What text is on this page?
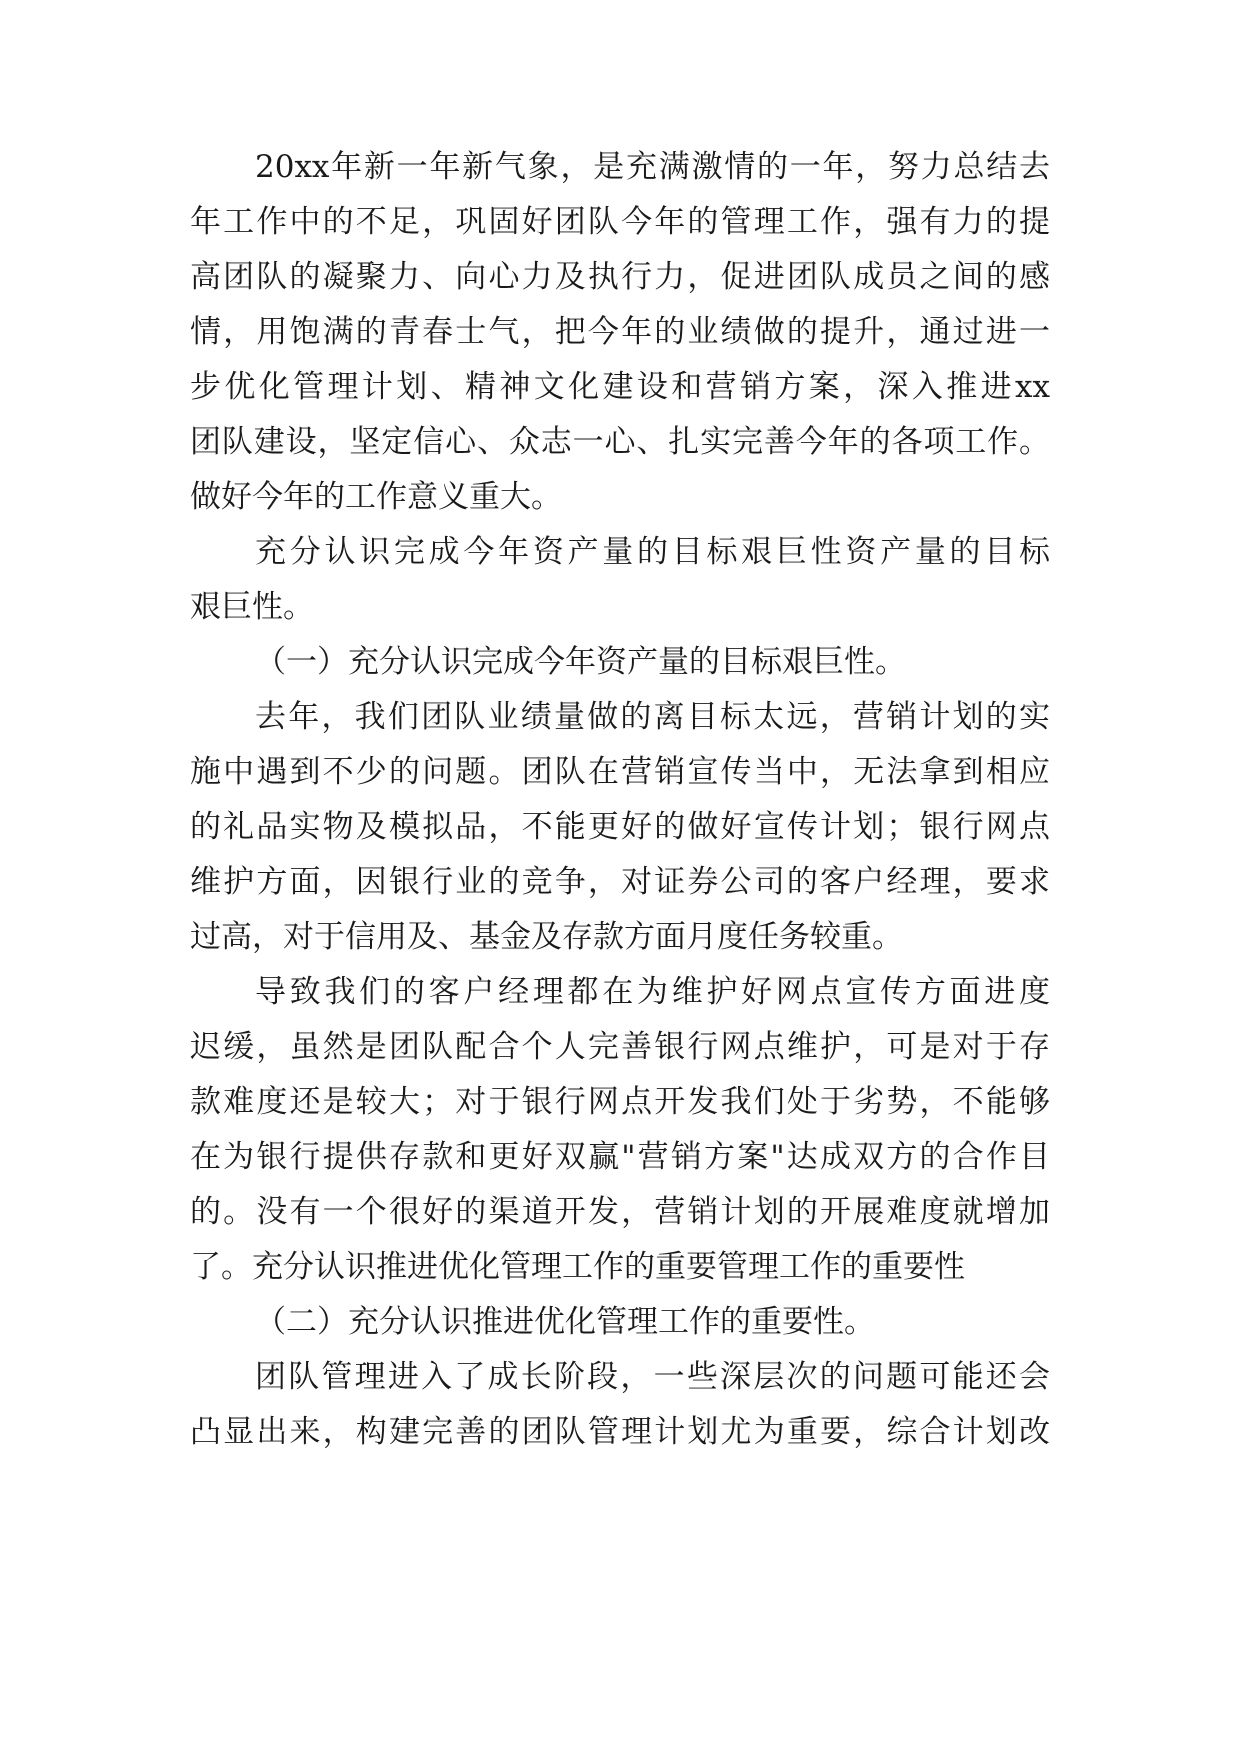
20xx年新一年新气象，是充满激情的一年，努力总结去
年工作中的不足，巩固好团队今年的管理工作，强有力的提
高团队的凝聚力、向心力及执行力，促进团队成员之间的感
情，用饱满的青春士气，把今年的业绩做的提升，通过进一
步优化管理计划、精神文化建设和营销方案，深入推进xx
团队建设，坚定信心、众志一心、扎实完善今年的各项工作。
做好今年的工作意义重大。
充分认识完成今年资产量的目标艰巨性资产量的目标
艰巨性。
（一）充分认识完成今年资产量的目标艰巨性。
去年，我们团队业绩量做的离目标太远，营销计划的实
施中遇到不少的问题。团队在营销宣传当中，无法拿到相应
的礼品实物及模拟品，不能更好的做好宣传计划；银行网点
维护方面，因银行业的竞争，对证券公司的客户经理，要求
过高，对于信用及、基金及存款方面月度任务较重。
导致我们的客户经理都在为维护好网点宣传方面进度
迟缓，虽然是团队配合个人完善银行网点维护，可是对于存
款难度还是较大；对于银行网点开发我们处于劣势，不能够
在为银行提供存款和更好双赢"营销方案"达成双方的合作目
的。没有一个很好的渠道开发，营销计划的开展难度就增加
了。充分认识推进优化管理工作的重要管理工作的重要性
（二）充分认识推进优化管理工作的重要性。
团队管理进入了成长阶段，一些深层次的问题可能还会
凸显出来，构建完善的团队管理计划尤为重要，综合计划改
